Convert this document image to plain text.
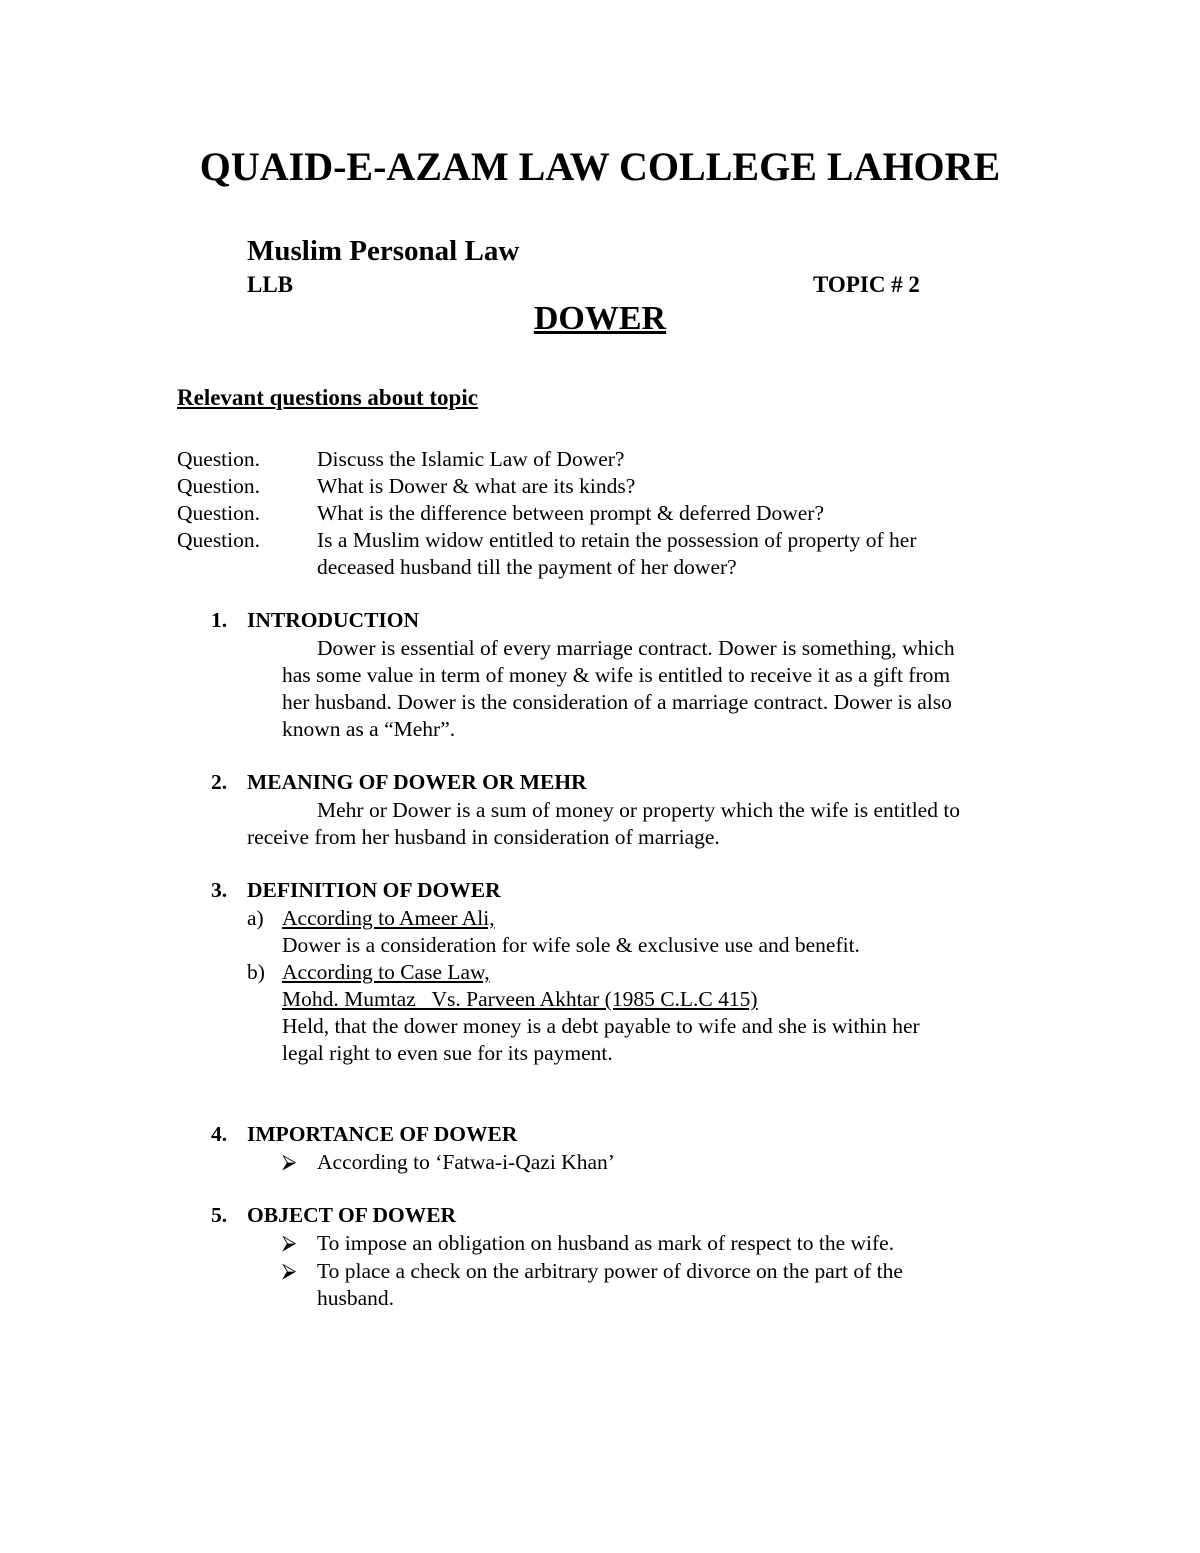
QUAID-E-AZAM LAW COLLEGE LAHORE
Muslim Personal Law
LLB	TOPIC # 2
DOWER
Relevant questions about topic
Question.	Discuss the Islamic Law of Dower?
Question.	What is Dower & what are its kinds?
Question.	What is the difference between prompt & deferred Dower?
Question.	Is a Muslim widow entitled to retain the possession of property of her
deceased husband till the payment of her dower?
1. INTRODUCTION
Dower is essential of every marriage contract. Dower is something, which
has some value in term of money & wife is entitled to receive it as a gift from
her husband. Dower is the consideration of a marriage contract. Dower is also
known as a “Mehr”.
2. MEANING OF DOWER OR MEHR
Mehr or Dower is a sum of money or property which the wife is entitled to
receive from her husband in consideration of marriage.
3. DEFINITION OF DOWER
a) According to Ameer Ali,
Dower is a consideration for wife sole & exclusive use and benefit.
b) According to Case Law,
Mohd. Mumtaz   Vs. Parveen Akhtar (1985 C.L.C 415)
Held, that the dower money is a debt payable to wife and she is within her
legal right to even sue for its payment.
4. IMPORTANCE OF DOWER
⮚ According to ‘Fatwa-i-Qazi Khan’
5. OBJECT OF DOWER
⮚ To impose an obligation on husband as mark of respect to the wife.
⮚ To place a check on the arbitrary power of divorce on the part of the
husband.
